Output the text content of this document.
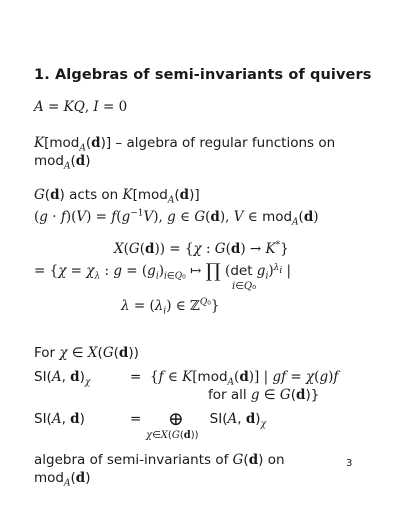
1. Algebras of semi-invariants of quivers
A = KQ, I = 0
K[mod$_A$(d)] – algebra of regular functions on
mod$_A$(d)
G(d) acts on K[mod$_A$(d)]
$(g \cdot f)(V) = f(g^{-1}V)$, g ∈ G(d), V ∈ mod$_A$(d)
X(G(d)) = {χ : G(d) → K*}
= {$\chi = \chi_\lambda$ : $g = (g_i)_{i\in Q_0}$ ↦ ∏ (det $g_i)^{\lambda_i}$ |
i∈Q₀
$\lambda = (\lambda_i)$ ∈ ℤ$^{Q_0}$}
For χ ∈ X(G(d))
SI(A, $d)_\chi$	= {f ∈ K[mod$_A$(d)] | gf = χ(g)f
for all g ∈ G(d)}
SI(A, d)	= ⊕      SI(A, $d)_\chi$
χ∈X(G(d))
algebra of semi-invariants of G(d) on
mod$_A$(d)
3
